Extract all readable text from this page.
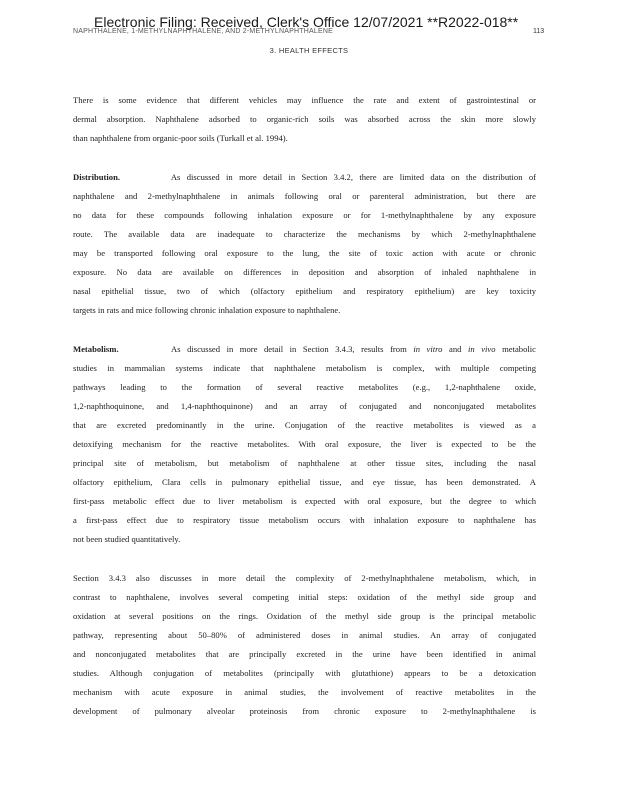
Electronic Filing: Received, Clerk's Office 12/07/2021 **R2022-018**
NAPHTHALENE, 1-METHYLNAPHTHALENE, AND 2-METHYLNAPHTHALENE	113
3. HEALTH EFFECTS
There is some evidence that different vehicles may influence the rate and extent of gastrointestinal or
dermal absorption. Naphthalene adsorbed to organic-rich soils was absorbed across the skin more slowly
than naphthalene from organic-poor soils (Turkall et al. 1994).
Distribution.	As discussed in more detail in Section 3.4.2, there are limited data on the distribution of
naphthalene and 2-methylnaphthalene in animals following oral or parenteral administration, but there are
no data for these compounds following inhalation exposure or for 1-methylnaphthalene by any exposure
route. The available data are inadequate to characterize the mechanisms by which 2-methylnaphthalene
may be transported following oral exposure to the lung, the site of toxic action with acute or chronic
exposure. No data are available on differences in deposition and absorption of inhaled naphthalene in
nasal epithelial tissue, two of which (olfactory epithelium and respiratory epithelium) are key toxicity
targets in rats and mice following chronic inhalation exposure to naphthalene.
Metabolism.	As discussed in more detail in Section 3.4.3, results from in vitro and in vivo metabolic
studies in mammalian systems indicate that naphthalene metabolism is complex, with multiple competing
pathways leading to the formation of several reactive metabolites (e.g., 1,2-naphthalene oxide,
1,2-naphthoquinone, and 1,4-naphthoquinone) and an array of conjugated and nonconjugated metabolites
that are excreted predominantly in the urine. Conjugation of the reactive metabolites is viewed as a
detoxifying mechanism for the reactive metabolites. With oral exposure, the liver is expected to be the
principal site of metabolism, but metabolism of naphthalene at other tissue sites, including the nasal
olfactory epithelium, Clara cells in pulmonary epithelial tissue, and eye tissue, has been demonstrated. A
first-pass metabolic effect due to liver metabolism is expected with oral exposure, but the degree to which
a first-pass effect due to respiratory tissue metabolism occurs with inhalation exposure to naphthalene has
not been studied quantitatively.
Section 3.4.3 also discusses in more detail the complexity of 2-methylnaphthalene metabolism, which, in
contrast to naphthalene, involves several competing initial steps: oxidation of the methyl side group and
oxidation at several positions on the rings. Oxidation of the methyl side group is the principal metabolic
pathway, representing about 50–80% of administered doses in animal studies. An array of conjugated
and nonconjugated metabolites that are principally excreted in the urine have been identified in animal
studies. Although conjugation of metabolites (principally with glutathione) appears to be a detoxication
mechanism with acute exposure in animal studies, the involvement of reactive metabolites in the
development of pulmonary alveolar proteinosis from chronic exposure to 2-methylnaphthalene is
